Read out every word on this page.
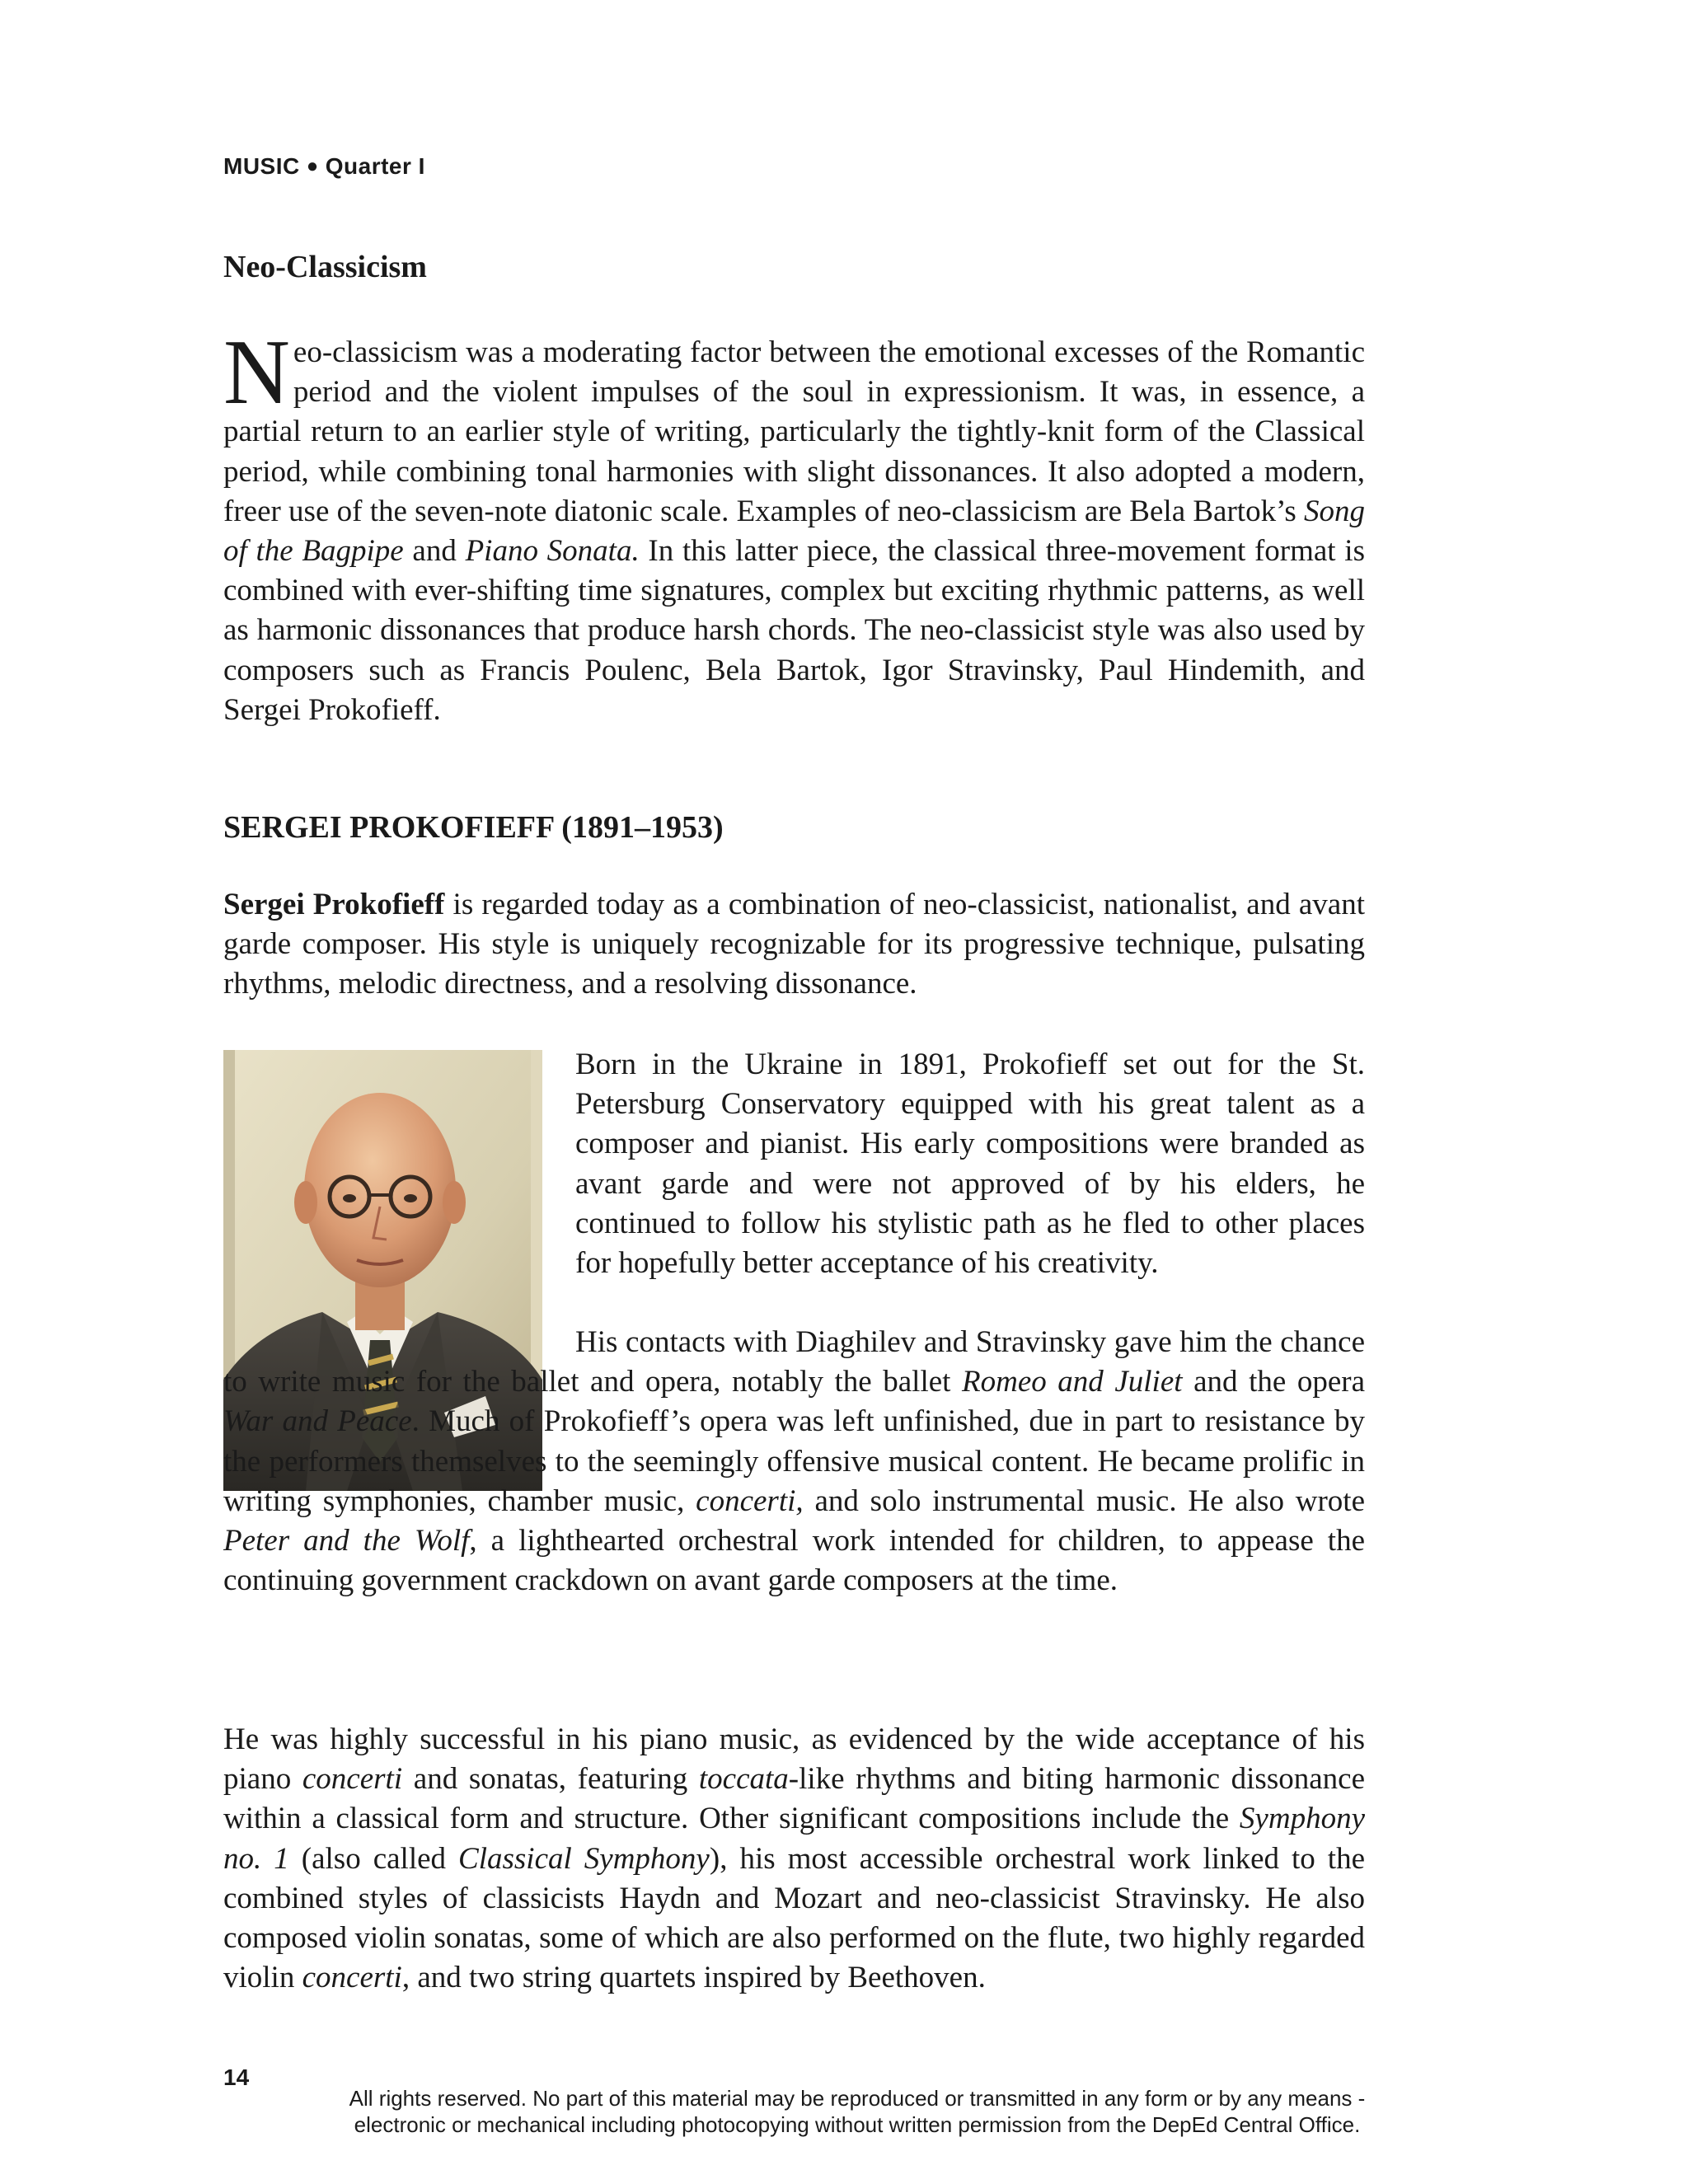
MUSIC ● Quarter I
Neo-Classicism

Neo-classicism was a moderating factor between the emotional excesses of the Romantic period and the violent impulses of the soul in expressionism. It was, in essence, a partial return to an earlier style of writing, particularly the tightly-knit form of the Classical period, while combining tonal harmonies with slight dissonances. It also adopted a modern, freer use of the seven-note diatonic scale. Examples of neo-classicism are Bela Bartok’s Song of the Bagpipe and Piano Sonata. In this latter piece, the classical three-movement format is combined with ever-shifting time signatures, complex but exciting rhythmic patterns, as well as harmonic dissonances that produce harsh chords. The neo-classicist style was also used by composers such as Francis Poulenc, Bela Bartok, Igor Stravinsky, Paul Hindemith, and Sergei Prokofieff.

SERGEI PROKOFIEFF (1891–1953)

Sergei Prokofieff is regarded today as a combination of neo-classicist, nationalist, and avant garde composer. His style is uniquely recognizable for its progressive technique, pulsating rhythms, melodic directness, and a resolving dissonance.

Born in the Ukraine in 1891, Prokofieff set out for the St. Petersburg Conservatory equipped with his great talent as a composer and pianist. His early compositions were branded as avant garde and were not approved of by his elders, he continued to follow his stylistic path as he fled to other places for hopefully better acceptance of his creativity.
His contacts with Diaghilev and Stravinsky gave him the chance to write music for the ballet and opera, notably the ballet Romeo and Juliet and the opera War and Peace. Much of Prokofieff’s opera was left unfinished, due in part to resistance by the performers themselves to the seemingly offensive musical content. He became prolific in writing symphonies, chamber music, concerti, and solo instrumental music. He also wrote Peter and the Wolf, a lighthearted orchestral work intended for children, to appease the continuing government crackdown on avant garde composers at the time.

He was highly successful in his piano music, as evidenced by the wide acceptance of his piano concerti and sonatas, featuring toccata-like rhythms and biting harmonic dissonance within a classical form and structure. Other significant compositions include the Symphony no. 1 (also called Classical Symphony), his most accessible orchestral work linked to the combined styles of classicists Haydn and Mozart and neo-classicist Stravinsky. He also composed violin sonatas, some of which are also performed on the flute, two highly regarded violin concerti, and two string quartets inspired by Beethoven.

14
All rights reserved. No part of this material may be reproduced or transmitted in any form or by any means -
electronic or mechanical including photocopying without written permission from the DepEd Central Office.
